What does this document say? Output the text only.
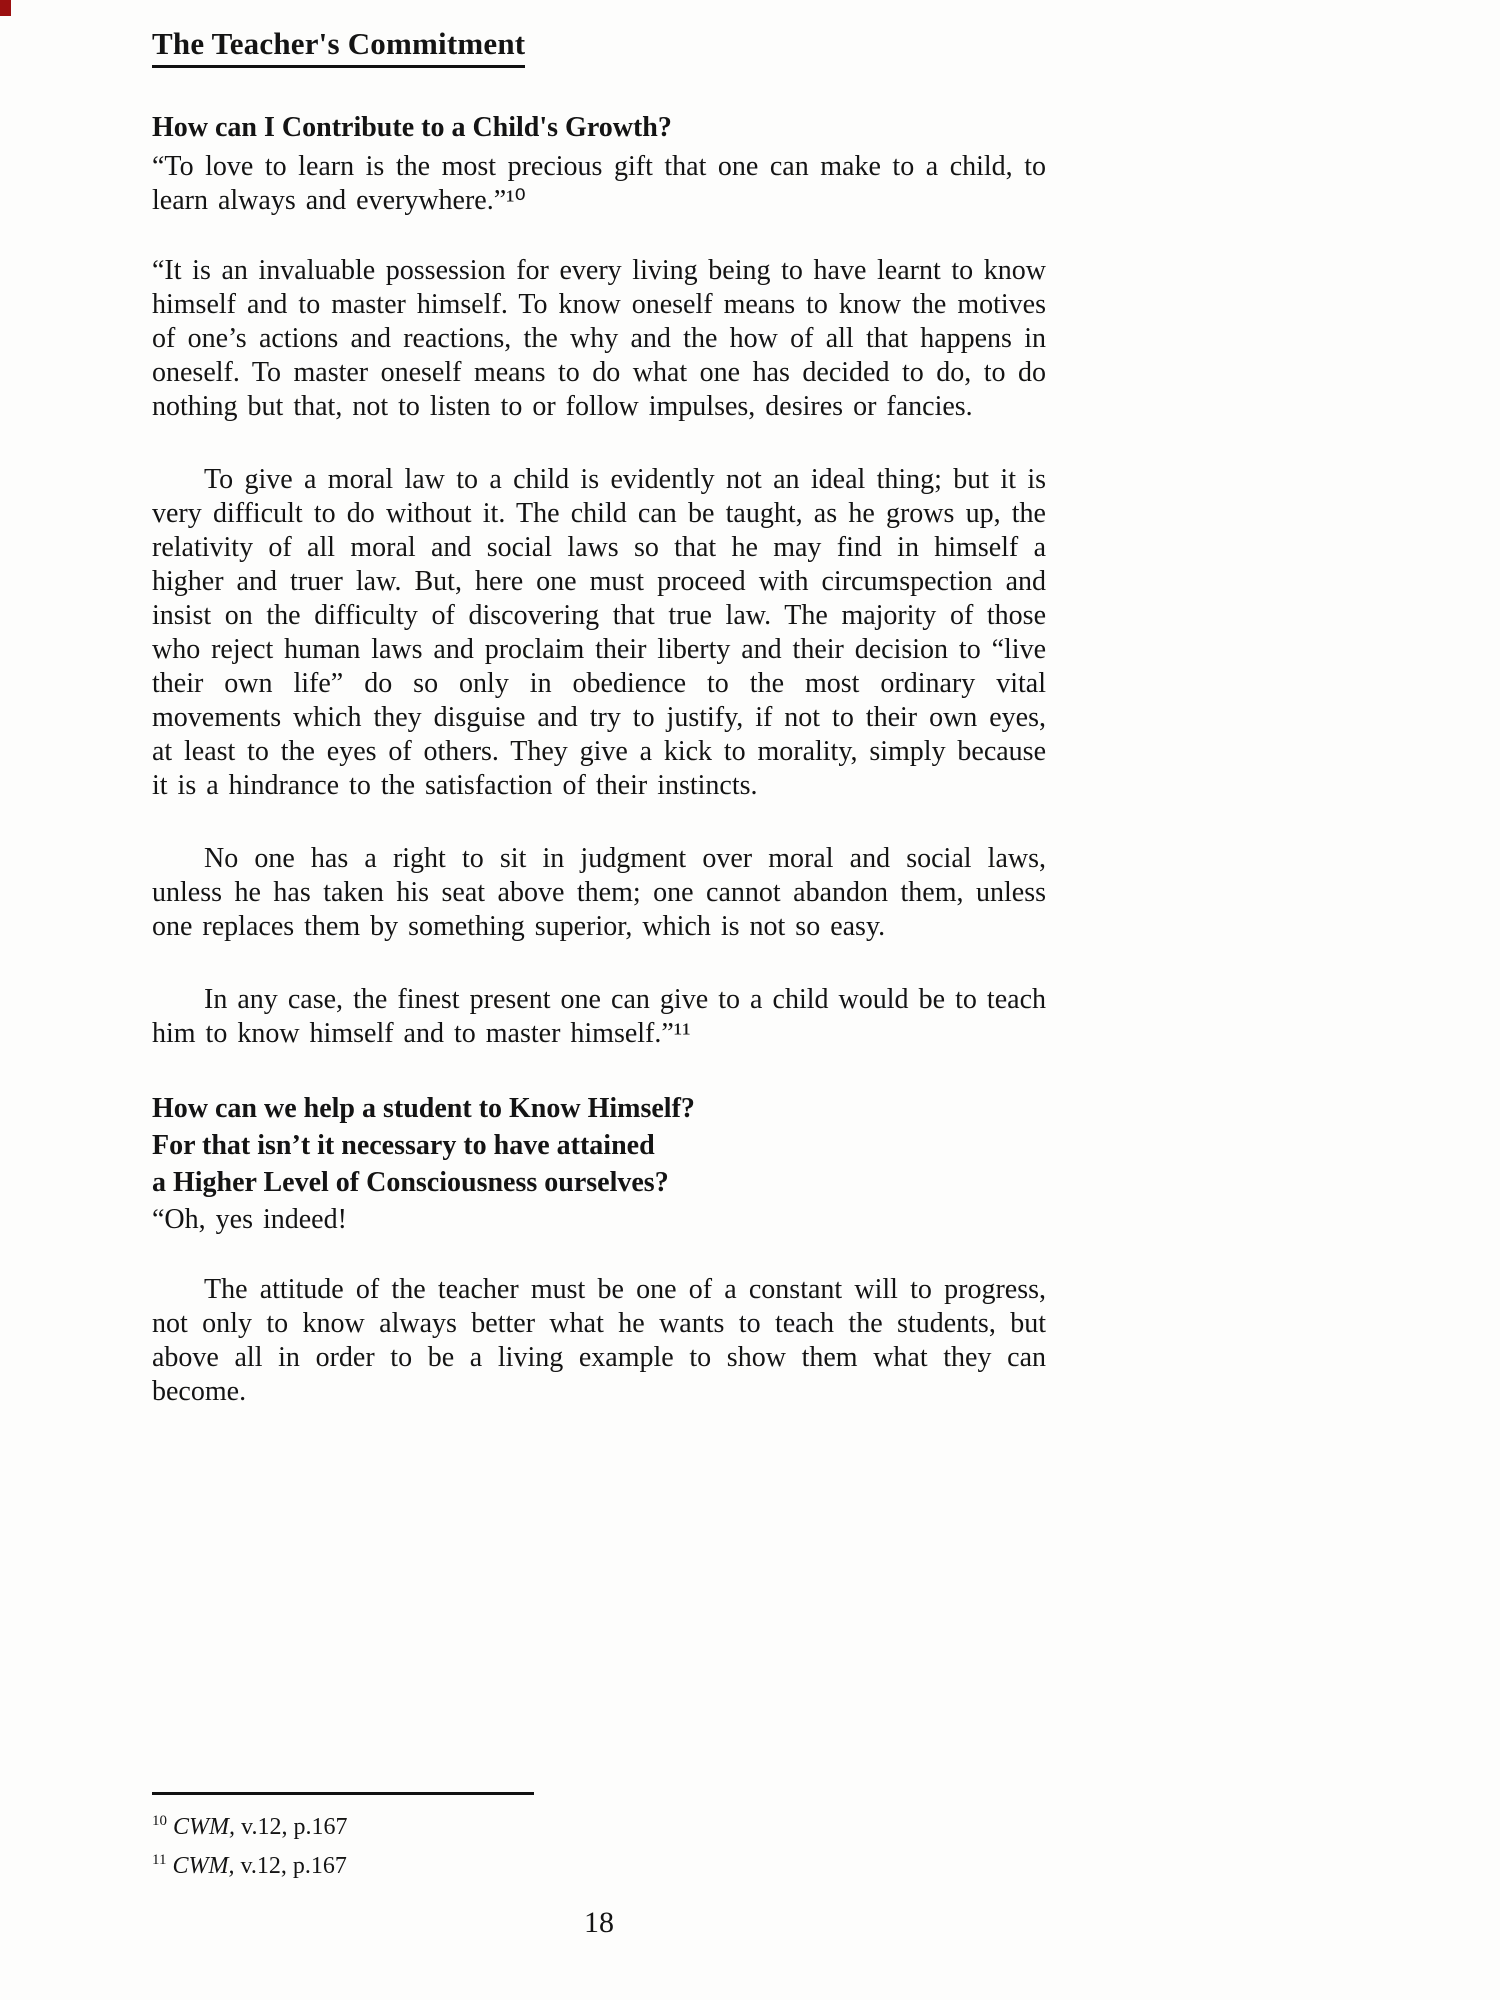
The Teacher's Commitment
How can I Contribute to a Child's Growth?

“To love to learn is the most precious gift that one can make to a child, to learn always and everywhere.”¹⁰

“It is an invaluable possession for every living being to have learnt to know himself and to master himself. To know oneself means to know the motives of one’s actions and reactions, the why and the how of all that happens in oneself. To master oneself means to do what one has decided to do, to do nothing but that, not to listen to or follow impulses, desires or fancies.

To give a moral law to a child is evidently not an ideal thing; but it is very difficult to do without it. The child can be taught, as he grows up, the relativity of all moral and social laws so that he may find in himself a higher and truer law. But, here one must proceed with circumspection and insist on the difficulty of discovering that true law. The majority of those who reject human laws and proclaim their liberty and their decision to “live their own life” do so only in obedience to the most ordinary vital movements which they disguise and try to justify, if not to their own eyes, at least to the eyes of others. They give a kick to morality, simply because it is a hindrance to the satisfaction of their instincts.

No one has a right to sit in judgment over moral and social laws, unless he has taken his seat above them; one cannot abandon them, unless one replaces them by something superior, which is not so easy.

In any case, the finest present one can give to a child would be to teach him to know himself and to master himself.”¹¹

How can we help a student to Know Himself?
For that isn’t it necessary to have attained
a Higher Level of Consciousness ourselves?

“Oh, yes indeed!

The attitude of the teacher must be one of a constant will to progress, not only to know always better what he wants to teach the students, but above all in order to be a living example to show them what they can become.

$^{10}$ CWM, v.12, p.167
$^{11}$ CWM, v.12, p.167
18
